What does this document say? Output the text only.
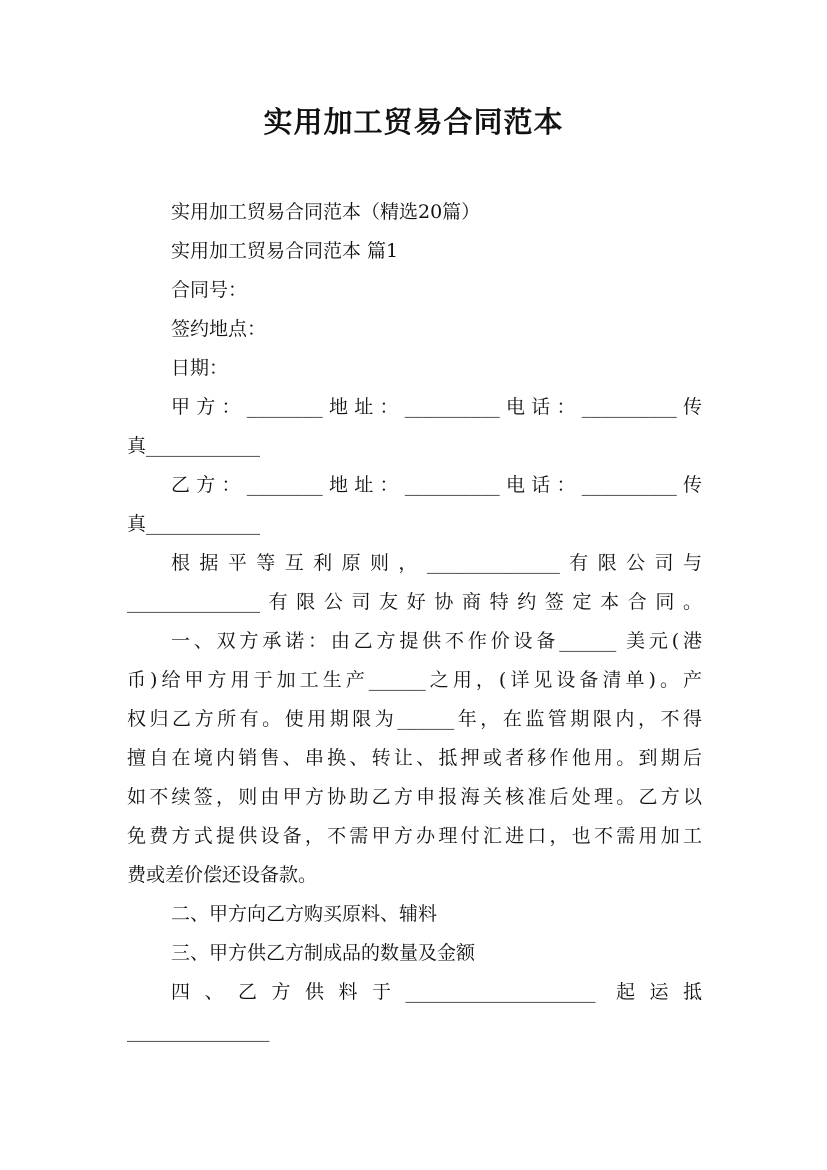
实用加工贸易合同范本
实用加工贸易合同范本（精选20篇）
实用加工贸易合同范本 篇1
合同号：
签约地点：
日期：
甲方：________地址：__________电话：__________传
真____________
乙方：________地址：__________电话：__________传
真____________
根据平等互利原则，______________有限公司与
______________有限公司友好协商特约签定本合同。
一、双方承诺：由乙方提供不作价设备______ 美元(港
币)给甲方用于加工生产______之用，(详见设备清单)。产
权归乙方所有。使用期限为______年，在监管期限内，不得
擅自在境内销售、串换、转让、抵押或者移作他用。到期后
如不续签，则由甲方协助乙方申报海关核准后处理。乙方以
免费方式提供设备，不需甲方办理付汇进口，也不需用加工
费或差价偿还设备款。
二、甲方向乙方购买原料、辅料
三、甲方供乙方制成品的数量及金额
四、乙方供料于____________________ 起运抵
_______________
